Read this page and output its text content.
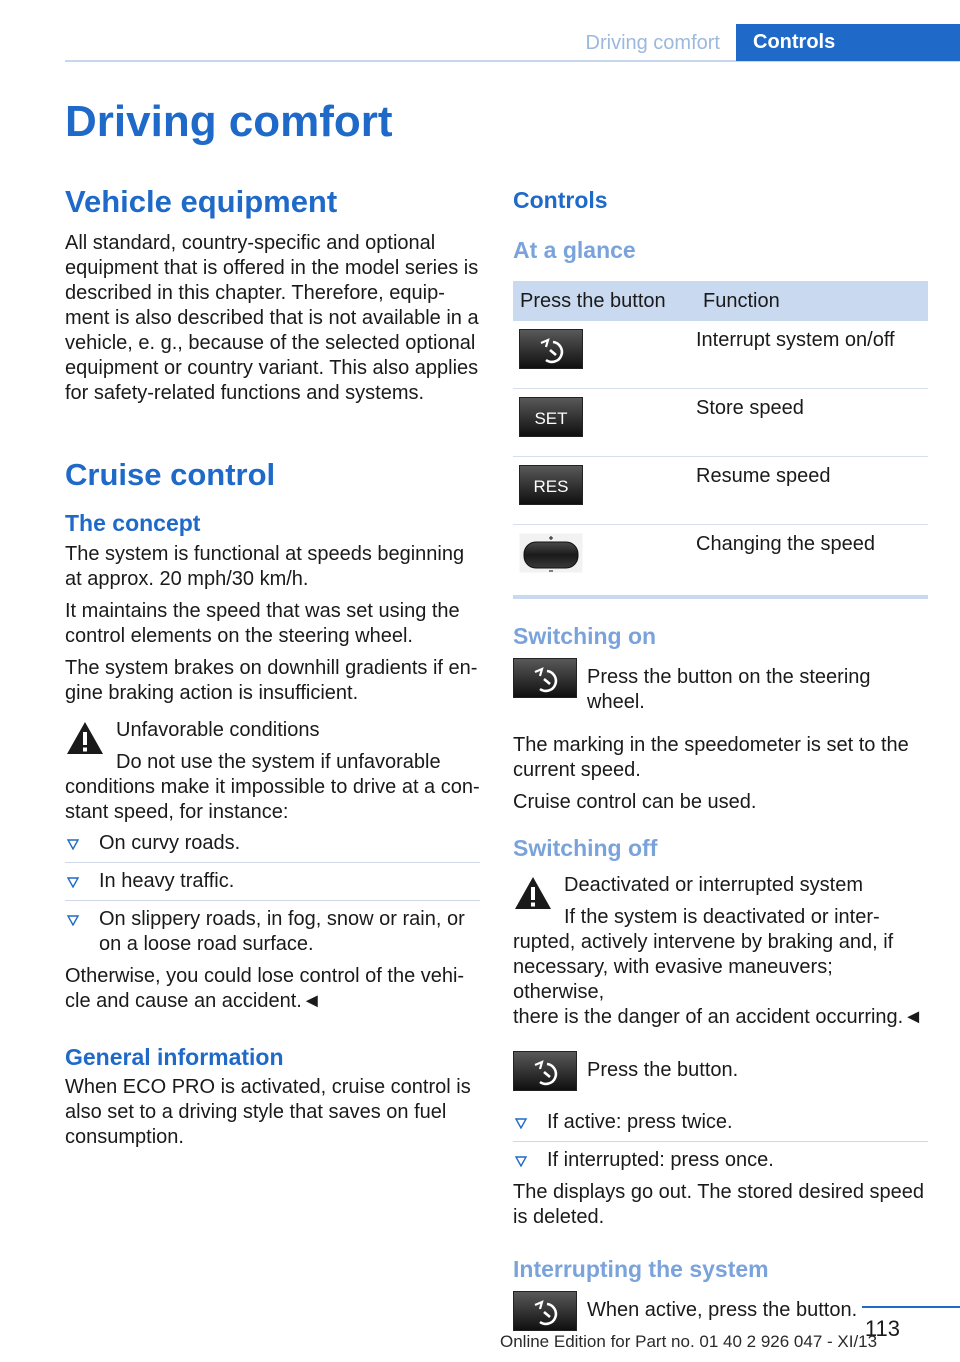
Driving comfort	Controls
Driving comfort
Vehicle equipment

All standard, country-specific and optional
equipment that is offered in the model series is
described in this chapter. Therefore, equip-
ment is also described that is not available in a
vehicle, e. g., because of the selected optional
equipment or country variant. This also applies
for safety-related functions and systems.

Cruise control
The concept

The system is functional at speeds beginning
at approx. 20 mph/30 km/h.

It maintains the speed that was set using the
control elements on the steering wheel.

The system brakes on downhill gradients if en-
gine braking action is insufficient.

Unfavorable conditions

Do not use the system if unfavorable

conditions make it impossible to drive at a con-
stant speed, for instance:

On curvy roads.
In heavy traffic.
On slippery roads, in fog, snow or rain, or
on a loose road surface.

Otherwise, you could lose control of the vehi-
cle and cause an accident.◄

General information

When ECO PRO is activated, cruise control is
also set to a driving style that saves on fuel
consumption.

Controls
At a glance
Press the button	Function

	Interrupt system on/off

SET	Store speed

RES	Resume speed

	Changing the speed
Switching on

Press the button on the steering
wheel.

The marking in the speedometer is set to the
current speed.

Cruise control can be used.

Switching off

Deactivated or interrupted system

If the system is deactivated or inter-

rupted, actively intervene by braking and, if
necessary, with evasive maneuvers; otherwise,
there is the danger of an accident occurring.◄

Press the button.

If active: press twice.
If interrupted: press once.

The displays go out. The stored desired speed
is deleted.

Interrupting the system

When active, press the button.

113
Online Edition for Part no. 01 40 2 926 047 - XI/13
